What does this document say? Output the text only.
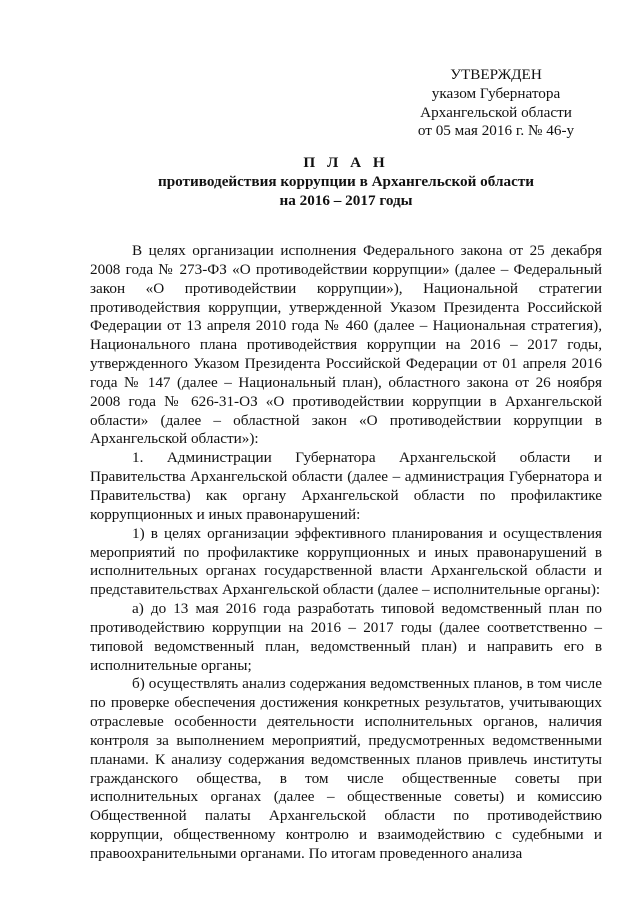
УТВЕРЖДЕН
указом Губернатора
Архангельской области
от 05 мая 2016 г. № 46-у
П Л А Н
противодействия коррупции в Архангельской области
на 2016 – 2017 годы

В целях организации исполнения Федерального закона от 25 декабря 2008 года № 273-ФЗ «О противодействии коррупции» (далее – Федеральный закон «О противодействии коррупции»), Национальной стратегии противодействия коррупции, утвержденной Указом Президента Российской Федерации от 13 апреля 2010 года № 460 (далее – Национальная стратегия), Национального плана противодействия коррупции на 2016 – 2017 годы, утвержденного Указом Президента Российской Федерации от 01 апреля 2016 года № 147 (далее – Национальный план), областного закона от 26 ноября 2008 года № 626-31-ОЗ «О противодействии коррупции в Архангельской области» (далее – областной закон «О противодействии коррупции в Архангельской области»):

1. Администрации Губернатора Архангельской области и Правительства Архангельской области (далее – администрация Губернатора и Правительства) как органу Архангельской области по профилактике коррупционных и иных правонарушений:

1) в целях организации эффективного планирования и осуществления мероприятий по профилактике коррупционных и иных правонарушений в исполнительных органах государственной власти Архангельской области и представительствах Архангельской области (далее – исполнительные органы):

а) до 13 мая 2016 года разработать типовой ведомственный план по противодействию коррупции на 2016 – 2017 годы (далее соответственно – типовой ведомственный план, ведомственный план) и направить его в исполнительные органы;

б) осуществлять анализ содержания ведомственных планов, в том числе по проверке обеспечения достижения конкретных результатов, учитывающих отраслевые особенности деятельности исполнительных органов, наличия контроля за выполнением мероприятий, предусмотренных ведомственными планами. К анализу содержания ведомственных планов привлечь институты гражданского общества, в том числе общественные советы при исполнительных органах (далее – общественные советы) и комиссию Общественной палаты Архангельской области по противодействию коррупции, общественному контролю и взаимодействию с судебными и правоохранительными органами. По итогам проведенного анализа
